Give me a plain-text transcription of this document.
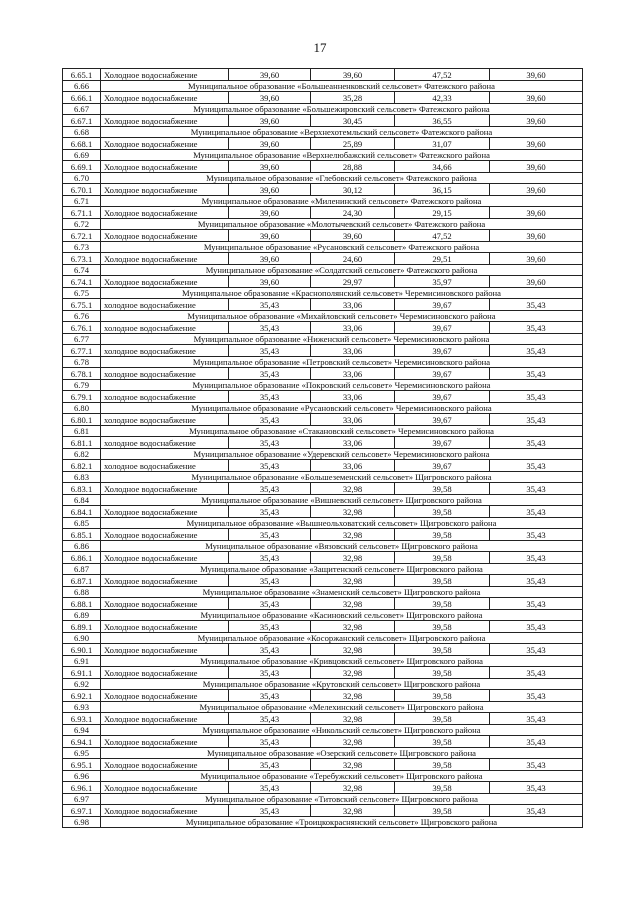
17
6.65.1	Холодное водоснабжение	39,60	39,60	47,52	39,60
6.66	Муниципальное образование «Большеанненковский сельсовет» Фатежского района				
6.66.1	Холодное водоснабжение	39,60	35,28	42,33	39,60
6.67	Муниципальное образование «Большежировский сельсовет» Фатежского района				
6.67.1	Холодное водоснабжение	39,60	30,45	36,55	39,60
6.68	Муниципальное образование «Верхнехотемльский сельсовет» Фатежского района				
6.68.1	Холодное водоснабжение	39,60	25,89	31,07	39,60
6.69	Муниципальное образование «Верхнелюбажский сельсовет» Фатежского района				
6.69.1	Холодное водоснабжение	39,60	28,88	34,66	39,60
6.70	Муниципальное образование «Глебовский сельсовет» Фатежского района				
6.70.1	Холодное водоснабжение	39,60	30,12	36,15	39,60
6.71	Муниципальное образование «Миленинский сельсовет» Фатежского района				
6.71.1	Холодное водоснабжение	39,60	24,30	29,15	39,60
6.72	Муниципальное образование «Молотычевский сельсовет» Фатежского района				
6.72.1	Холодное водоснабжение	39,60	39,60	47,52	39,60
6.73	Муниципальное образование «Русановский сельсовет» Фатежского района				
6.73.1	Холодное водоснабжение	39,60	24,60	29,51	39,60
6.74	Муниципальное образование «Солдатский сельсовет» Фатежского района				
6.74.1	Холодное водоснабжение	39,60	29,97	35,97	39,60
6.75	Муниципальное образование «Краснополянский сельсовет» Черемисиновского района				
6.75.1	холодное водоснабжение	35,43	33,06	39,67	35,43
6.76	Муниципальное образование «Михайловский сельсовет» Черемисиновского района				
6.76.1	холодное водоснабжение	35,43	33,06	39,67	35,43
6.77	Муниципальное образование «Ниженский сельсовет» Черемисиновского района				
6.77.1	холодное водоснабжение	35,43	33,06	39,67	35,43
6.78	Муниципальное образование «Петровский сельсовет» Черемисиновского района				
6.78.1	холодное водоснабжение	35,43	33,06	39,67	35,43
6.79	Муниципальное образование «Покровский сельсовет» Черемисиновского района				
6.79.1	холодное водоснабжение	35,43	33,06	39,67	35,43
6.80	Муниципальное образование «Русановский сельсовет» Черемисиновского района				
6.80.1	холодное водоснабжение	35,43	33,06	39,67	35,43
6.81	Муниципальное образование «Стакановский сельсовет» Черемисиновского района				
6.81.1	холодное водоснабжение	35,43	33,06	39,67	35,43
6.82	Муниципальное образование «Удеревский сельсовет» Черемисиновского района				
6.82.1	холодное водоснабжение	35,43	33,06	39,67	35,43
6.83	Муниципальное образование «Большеземенский сельсовет» Щигровского района				
6.83.1	Холодное водоснабжение	35,43	32,98	39,58	35,43
6.84	Муниципальное образование «Вишневский сельсовет» Щигровского района				
6.84.1	Холодное водоснабжение	35,43	32,98	39,58	35,43
6.85	Муниципальное образование «Вышнеольховатский сельсовет» Щигровского района				
6.85.1	Холодное водоснабжение	35,43	32,98	39,58	35,43
6.86	Муниципальное образование «Вязовский сельсовет» Щигровского района				
6.86.1	Холодное водоснабжение	35,43	32,98	39,58	35,43
6.87	Муниципальное образование «Защитенский сельсовет» Щигровского района				
6.87.1	Холодное водоснабжение	35,43	32,98	39,58	35,43
6.88	Муниципальное образование «Знаменский сельсовет» Щигровского района				
6.88.1	Холодное водоснабжение	35,43	32,98	39,58	35,43
6.89	Муниципальное образование «Касиновский сельсовет» Щигровского района				
6.89.1	Холодное водоснабжение	35,43	32,98	39,58	35,43
6.90	Муниципальное образование «Косоржанский сельсовет» Щигровского района				
6.90.1	Холодное водоснабжение	35,43	32,98	39,58	35,43
6.91	Муниципальное образование «Кривцовский сельсовет» Щигровского района				
6.91.1	Холодное водоснабжение	35,43	32,98	39,58	35,43
6.92	Муниципальное образование «Крутовский сельсовет» Щигровского района				
6.92.1	Холодное водоснабжение	35,43	32,98	39,58	35,43
6.93	Муниципальное образование «Мелехинский сельсовет» Щигровского района				
6.93.1	Холодное водоснабжение	35,43	32,98	39,58	35,43
6.94	Муниципальное образование «Никольский сельсовет» Щигровского района				
6.94.1	Холодное водоснабжение	35,43	32,98	39,58	35,43
6.95	Муниципальное образование «Озерский сельсовет» Щигровского района				
6.95.1	Холодное водоснабжение	35,43	32,98	39,58	35,43
6.96	Муниципальное образование «Теребужский сельсовет» Щигровского района				
6.96.1	Холодное водоснабжение	35,43	32,98	39,58	35,43
6.97	Муниципальное образование «Титовский сельсовет» Щигровского района				
6.97.1	Холодное водоснабжение	35,43	32,98	39,58	35,43
6.98	Муниципальное образование «Троицкокраснянский сельсовет» Щигровского района				
